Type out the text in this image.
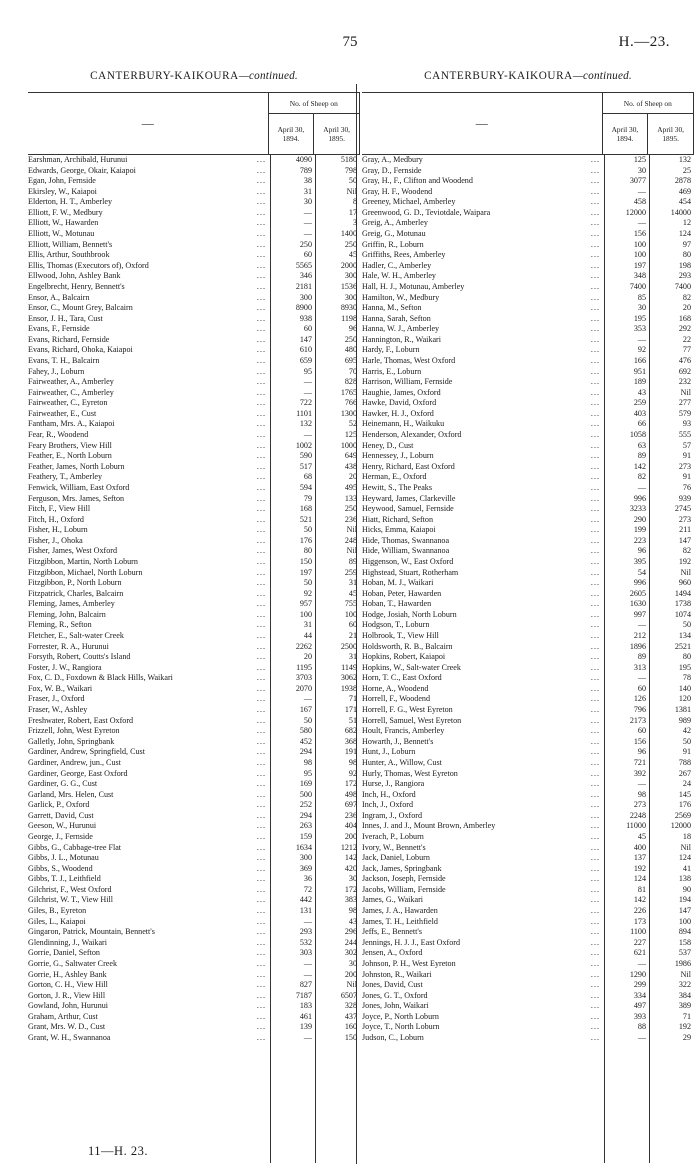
75	H.—23.
CANTERBURY-KAIKOURA—continued.
—	No. of Sheep on	
	April 30, 1894.	April 30, 1895.
Earshman, Archibald, Hurunui	...	4090	5180
Edwards, George, Okair, Kaiapoi	...	789	798
Egan, John, Fernside	...	38	50
Ekirsley, W., Kaiapoi	...	31	Nil
Elderton, H. T., Amberley	...	30	8
Elliott, F. W., Medbury	...	—	17
Elliott, W., Hawarden	...	—	3
Elliott, W., Motunau	...	—	1400
Elliott, William, Bennett's	...	250	250
Ellis, Arthur, Southbrook	...	60	45
Ellis, Thomas (Executors of), Oxford	...	5565	2000
Ellwood, John, Ashley Bank	...	346	300
Engelbrecht, Henry, Bennett's	...	2181	1536
Ensor, A., Balcairn	...	300	300
Ensor, C., Mount Grey, Balcairn	...	8900	8930
Ensor, J. H., Tara, Cust	...	938	1198
Evans, F., Fernside	...	60	96
Evans, Richard, Fernside	...	147	250
Evans, Richard, Ohoka, Kaiapoi	...	610	480
Evans, T. H., Balcairn	...	659	695
Fahey, J., Loburn	...	95	70
Fairweather, A., Amberley	...	—	828
Fairweather, C., Amberley	...	—	1765
Fairweather, C., Eyreton	...	722	766
Fairweather, E., Cust	...	1101	1300
Fantham, Mrs. A., Kaiapoi	...	132	52
Fear, R., Woodend	...	—	125
Feary Brothers, View Hill	...	1002	1000
Feather, E., North Loburn	...	590	649
Feather, James, North Loburn	...	517	438
Feathery, T., Amberley	...	68	20
Fenwick, William, East Oxford	...	594	495
Ferguson, Mrs. James, Sefton	...	79	133
Fitch, F., View Hill	...	168	250
Fitch, H., Oxford	...	521	236
Fisher, H., Loburn	...	50	Nil
Fisher, J., Ohoka	...	176	248
Fisher, James, West Oxford	...	80	Nil
Fitzgibbon, Martin, North Loburn	...	150	89
Fitzgibbon, Michael, North Loburn	...	197	259
Fitzgibbon, P., North Loburn	...	50	31
Fitzpatrick, Charles, Balcairn	...	92	45
Fleming, James, Amberley	...	957	755
Fleming, John, Balcairn	...	100	100
Fleming, R., Sefton	...	31	60
Fletcher, E., Salt-water Creek	...	44	21
Forrester, R. A., Hurunui	...	2262	2500
Forsyth, Robert, Coutts's Island	...	20	31
Foster, J. W., Rangiora	...	1195	1149
Fox, C. D., Foxdown & Black Hills, Waikari	...	3703	3062
Fox, W. B., Waikari	...	2070	1938
Fraser, J., Oxford	...	—	71
Fraser, W., Ashley	...	167	171
Freshwater, Robert, East Oxford	...	50	51
Frizzell, John, West Eyreton	...	580	682
Galletly, John, Springbank	...	452	368
Gardiner, Andrew, Springfield, Cust	...	294	191
Gardiner, Andrew, jun., Cust	...	98	98
Gardiner, George, East Oxford	...	95	92
Gardiner, G. G., Cust	...	169	172
Garland, Mrs. Helen, Cust	...	500	498
Garlick, P., Oxford	...	252	697
Garrett, David, Cust	...	294	236
Geeson, W., Hurunui	...	263	404
George, J., Fernside	...	159	200
Gibbs, G., Cabbage-tree Flat	...	1634	1212
Gibbs, J. L., Motunau	...	300	142
Gibbs, S., Woodend	...	369	420
Gibbs, T. J., Leithfield	...	36	30
Gilchrist, F., West Oxford	...	72	172
Gilchrist, W. T., View Hill	...	442	383
Giles, B., Eyreton	...	131	98
Giles, L., Kaiapoi	...	—	43
Gingaron, Patrick, Mountain, Bennett's	...	293	296
Glendinning, J., Waikari	...	532	244
Gorrie, Daniel, Sefton	...	303	302
Gorrie, G., Saltwater Creek	...	—	30
Gorrie, H., Ashley Bank	...	—	200
Gorton, C. H., View Hill	...	827	Nil
Gorton, J. R., View Hill	...	7187	6507
Gowland, John, Hurunui	...	183	328
Graham, Arthur, Cust	...	461	437
Grant, Mrs. W. D., Cust	...	139	160
Grant, W. H., Swannanoa	...	—	150
CANTERBURY-KAIKOURA—continued.
—	No. of Sheep on	
	April 30, 1894.	April 30, 1895.
Gray, A., Medbury	...	125	132
Gray, D., Fernside	...	30	25
Gray, H., F., Clifton and Woodend	...	3077	2878
Gray, H. F., Woodend	...	—	469
Greeney, Michael, Amberley	...	458	454
Greenwood, G. D., Teviotdale, Waipara	...	12000	14000
Greig, A., Amberley	...	—	12
Greig, G., Motunau	...	156	124
Griffin, R., Loburn	...	100	97
Griffiths, Rees, Amberley	...	100	80
Hadler, C., Amberley	...	197	198
Hale, W. H., Amberley	...	348	293
Hall, H. J., Motunau, Amberley	...	7400	7400
Hamilton, W., Medbury	...	85	82
Hanna, M., Sefton	...	30	20
Hanna, Sarah, Sefton	...	195	168
Hanna, W. J., Amberley	...	353	292
Hannington, R., Waikari	...	—	22
Hardy, F., Loburn	...	92	77
Harle, Thomas, West Oxford	...	166	476
Harris, E., Loburn	...	951	692
Harrison, William, Fernside	...	189	232
Haughie, James, Oxford	...	43	Nil
Hawke, David, Oxford	...	259	277
Hawker, H. J., Oxford	...	403	579
Heinemann, H., Waikuku	...	66	93
Henderson, Alexander, Oxford	...	1058	555
Heney, D., Cust	...	63	57
Hennessey, J., Loburn	...	89	91
Henry, Richard, East Oxford	...	142	273
Herman, E., Oxford	...	82	91
Hewitt, S., The Peaks	...	—	76
Heyward, James, Clarkeville	...	996	939
Heywood, Samuel, Fernside	...	3233	2745
Hiatt, Richard, Sefton	...	290	273
Hicks, Emma, Kaiapoi	...	199	211
Hide, Thomas, Swannanoa	...	223	147
Hide, William, Swannanoa	...	96	82
Higgenson, W., East Oxford	...	395	192
Highstead, Stuart, Rotherham	...	54	Nil
Hoban, M. J., Waikari	...	996	960
Hoban, Peter, Hawarden	...	2605	1494
Hoban, T., Hawarden	...	1630	1738
Hodge, Josiah, North Loburn	...	997	1074
Hodgson, T., Loburn	...	—	50
Holbrook, T., View Hill	...	212	134
Holdsworth, R. B., Balcairn	...	1896	2521
Hopkins, Robert, Kaiapoi	...	89	80
Hopkins, W., Salt-water Creek	...	313	195
Horn, T. C., East Oxford	...	—	78
Horne, A., Woodend	...	60	140
Horrell, F., Woodend	...	126	120
Horrell, F. G., West Eyreton	...	796	1381
Horrell, Samuel, West Eyreton	...	2173	989
Hoult, Francis, Amberley	...	60	42
Howarth, J., Bennett's	...	156	50
Hunt, J., Loburn	...	96	91
Hunter, A., Willow, Cust	...	721	788
Hurly, Thomas, West Eyreton	...	392	267
Hurse, J., Rangiora	...	—	24
Inch, H., Oxford	...	98	145
Inch, J., Oxford	...	273	176
Ingram, J., Oxford	...	2248	2569
Innes, J. and J., Mount Brown, Amberley	...	11000	12000
Iverach, P., Loburn	...	45	18
Ivory, W., Bennett's	...	400	Nil
Jack, Daniel, Loburn	...	137	124
Jack, James, Springbank	...	192	41
Jackson, Joseph, Fernside	...	124	138
Jacobs, William, Fernside	...	81	90
James, G., Waikari	...	142	194
James, J. A., Hawarden	...	226	147
James, T. H., Leithfield	...	173	100
Jeffs, E., Bennett's	...	1100	894
Jennings, H. J. J., East Oxford	...	227	158
Jensen, A., Oxford	...	621	537
Johnson, P. H., West Eyreton	...	—	1986
Johnston, R., Waikari	...	1290	Nil
Jones, David, Cust	...	299	322
Jones, G. T., Oxford	...	334	384
Jones, John, Waikari	...	497	389
Joyce, P., North Loburn	...	393	71
Joyce, T., North Loburn	...	88	192
Judson, C., Loburn	...	—	29
11—H. 23.
